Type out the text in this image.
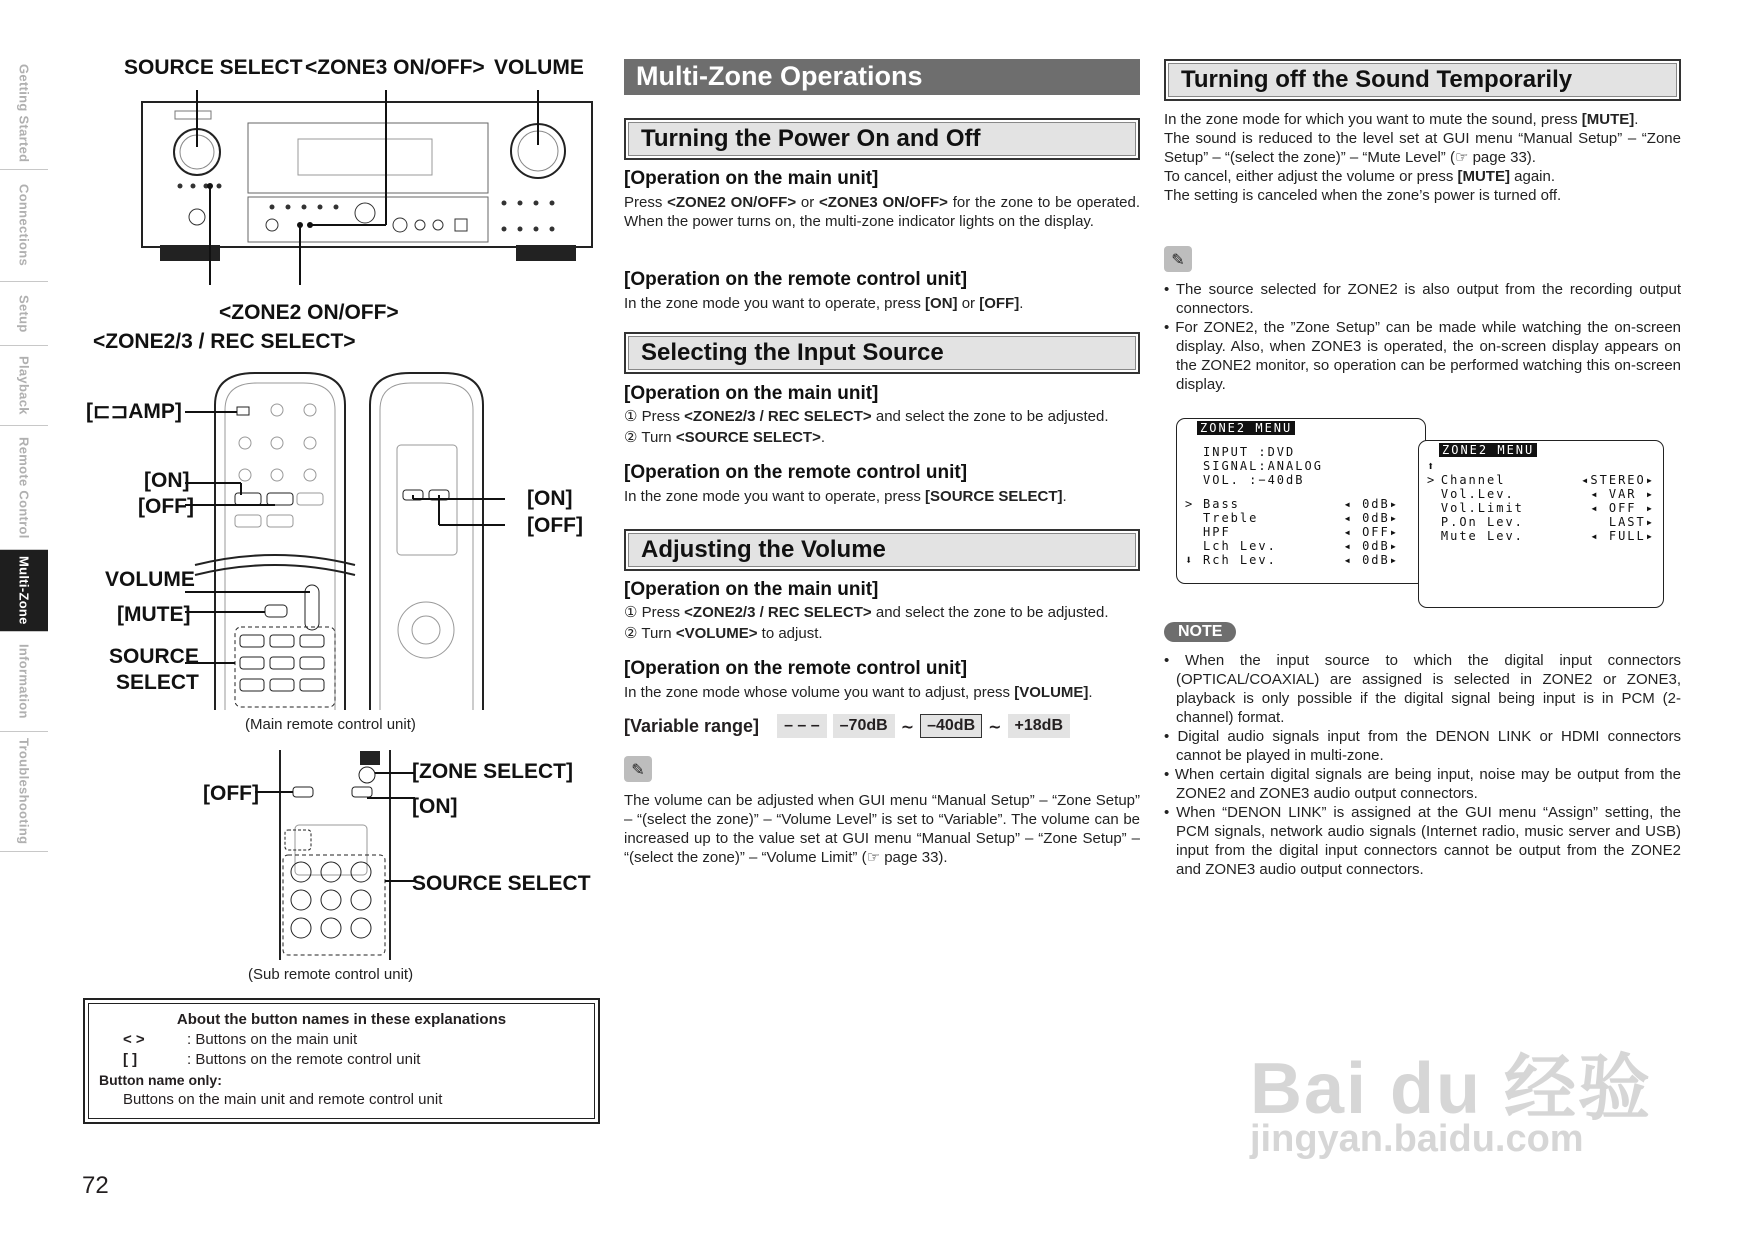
Getting Started
Connections
Setup
Playback
Remote Control
Multi-Zone
Information
Troubleshooting
SOURCE SELECT <ZONE3 ON/OFF> VOLUME
<ZONE2 ON/OFF>
<ZONE2/3 / REC SELECT>
[⊏⊐AMP]
[ON]
[OFF]	[ON]
[OFF]
VOLUME
[MUTE]
SOURCE
SELECT
(Main remote control unit)
[OFF]
[ZONE SELECT]
[ON]
SOURCE SELECT
(Sub remote control unit)
About the button names in these explanations
< >	: Buttons on the main unit
[ ]	: Buttons on the remote control unit
Button name only:
Buttons on the main unit and remote control unit
72
Multi-Zone Operations
Turning the Power On and Off
[Operation on the main unit]
Press <ZONE2 ON/OFF> or <ZONE3 ON/OFF> for the zone to be operated. When the power turns on, the multi-zone indicator lights on the display.
[Operation on the remote control unit]
In the zone mode you want to operate, press [ON] or [OFF].
Selecting the Input Source
[Operation on the main unit]
① Press <ZONE2/3 / REC SELECT> and select the zone to be adjusted.
② Turn <SOURCE SELECT>.
[Operation on the remote control unit]
In the zone mode you want to operate, press [SOURCE SELECT].
Adjusting the Volume
[Operation on the main unit]
① Press <ZONE2/3 / REC SELECT> and select the zone to be adjusted.
② Turn <VOLUME> to adjust.
[Operation on the remote control unit]
In the zone mode whose volume you want to adjust, press [VOLUME].
[Variable range]	– – –	–70dB ~ –40dB ~ +18dB
✎
The volume can be adjusted when GUI menu “Manual Setup” – “Zone Setup” – “(select the zone)” – “Volume Level” is set to “Variable”. The volume can be increased up to the value set at GUI menu “Manual Setup” – “Zone Setup” – “(select the zone)” – “Volume Limit” (☞ page 33).
Turning off the Sound Temporarily
In the zone mode for which you want to mute the sound, press [MUTE].
The sound is reduced to the level set at GUI menu “Manual Setup” – “Zone Setup” – “(select the zone)” – “Mute Level” (☞ page 33).
To cancel, either adjust the volume or press [MUTE] again.
The setting is canceled when the zone’s power is turned off.
✎
• The source selected for ZONE2 is also output from the recording output connectors.
• For ZONE2, the ”Zone Setup” can be made while watching the on-screen display. Also, when ZONE3 is operated, the on-screen display appears on the ZONE2 monitor, so operation can be performed watching this on-screen display.
ZONE2 MENU
INPUT :DVD
SIGNAL:ANALOG
VOL. :−40dB
> Bass	◂ 0dB▸
Treble	◂ 0dB▸
HPF	◂ OFF▸
Lch Lev.	◂ 0dB▸
⬇ Rch Lev.	◂ 0dB▸
ZONE2 MENU
⬆
> Channel	◂STEREO▸
Vol.Lev.	◂ VAR ▸
Vol.Limit	◂ OFF ▸
P.On Lev.	LAST▸
Mute Lev.	◂ FULL▸
NOTE
• When the input source to which the digital input connectors (OPTICAL/COAXIAL) are assigned is selected in ZONE2 or ZONE3, playback is only possible if the digital signal being input is in PCM (2-channel) format.
• Digital audio signals input from the DENON LINK or HDMI connectors cannot be played in multi-zone.
• When certain digital signals are being input, noise may be output from the ZONE2 and ZONE3 audio output connectors.
• When “DENON LINK” is assigned at the GUI menu “Assign” setting, the PCM signals, network audio signals (Internet radio, music server and USB) input from the digital input connectors cannot be output from the ZONE2 and ZONE3 audio output connectors.
Bai du 经验
jingyan.baidu.com
